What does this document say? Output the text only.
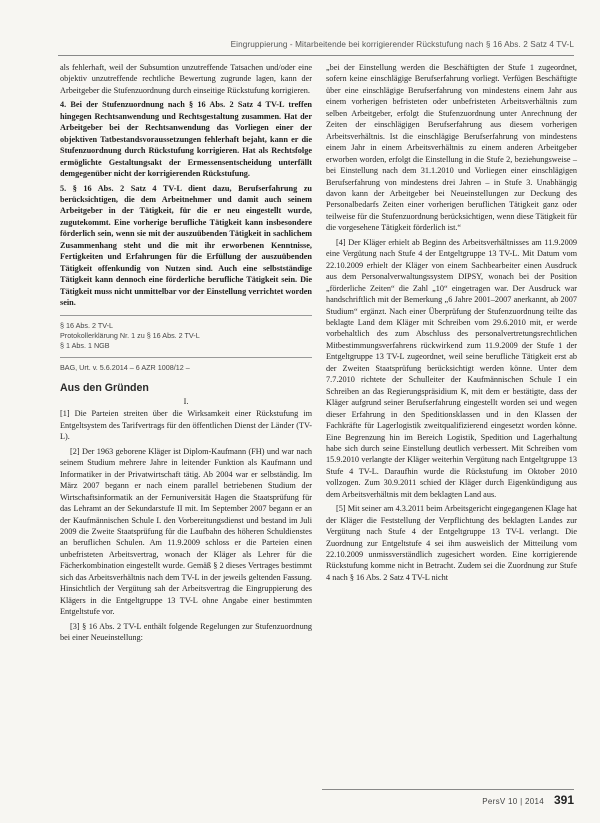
Eingruppierung - Mitarbeitende bei korrigierender Rückstufung nach § 16 Abs. 2 Satz 4 TV-L

als fehlerhaft, weil der Subsumtion unzutreffende Tatsachen und/oder eine objektiv unzutreffende rechtliche Bewertung zugrunde lagen, kann der Arbeitgeber die Stufenzuordnung durch einseitige Rückstufung korrigieren.

4. Bei der Stufenzuordnung nach § 16 Abs. 2 Satz 4 TV-L treffen hingegen Rechtsanwendung und Rechtsgestaltung zusammen. Hat der Arbeitgeber bei der Rechtsanwendung das Vorliegen einer der objektiven Tatbestandsvoraussetzungen fehlerhaft bejaht, kann er die Stufenzuordnung durch Rückstufung korrigieren. Hat als Rechtsfolge ermöglichte Gestaltungsakt der Ermessensentscheidung unterfällt demgegenüber nicht der korrigierenden Rückstufung.

5. § 16 Abs. 2 Satz 4 TV-L dient dazu, Berufserfahrung zu berücksichtigen, die dem Arbeitnehmer und damit auch seinem Arbeitgeber in der Tätigkeit, für die er neu eingestellt wurde, zugutekommt. Eine vorherige berufliche Tätigkeit kann insbesondere förderlich sein, wenn sie mit der auszuübenden Tätigkeit in sachlichem Zusammenhang steht und die mit ihr erworbenen Kenntnisse, Fertigkeiten und Erfahrungen für die Erfüllung der auszuübenden Tätigkeit offenkundig von Nutzen sind. Auch eine selbstständige Tätigkeit kann dennoch eine förderliche berufliche Tätigkeit sein. Die Tätigkeit muss nicht unmittelbar vor der Einstellung verrichtet worden sein.

§ 16 Abs. 2 TV-L
Protokollerklärung Nr. 1 zu § 16 Abs. 2 TV-L
§ 1 Abs. 1 NGB
BAG, Urt. v. 5.6.2014 – 6 AZR 1008/12 –
Aus den Gründen
I.

[1] Die Parteien streiten über die Wirksamkeit einer Rückstufung im Entgeltsystem des Tarifvertrags für den öffentlichen Dienst der Länder (TV-L).

[2] Der 1963 geborene Kläger ist Diplom-Kaufmann (FH) und war nach seinem Studium mehrere Jahre in leitender Funktion als Kaufmann und Informatiker in der Privatwirtschaft tätig. Ab 2004 war er selbständig. Im März 2007 begann er nach einem parallel betriebenen Studium der Wirtschaftsinformatik an der Fernuniversität Hagen die Staatsprüfung für das Lehramt an der Sekundarstufe II mit. Im September 2007 begann er an der Kaufmännischen Schule I. den Vorbereitungsdienst und bestand im Juli 2009 die Zweite Staatsprüfung für die Laufbahn des höheren Schuldienstes an beruflichen Schulen. Am 11.9.2009 schloss er die Parteien einen unbefristeten Arbeitsvertrag, wonach der Kläger als Lehrer für die Fächerkombination eingestellt wurde. Gemäß § 2 dieses Vertrages bestimmt sich das Arbeitsverhältnis nach dem TV-L in der jeweils geltenden Fassung. Hinsichtlich der Vergütung sah der Arbeitsvertrag die Eingruppierung des Klägers in die Entgeltgruppe 13 TV-L ohne Angabe einer bestimmten Entgeltstufe vor.

[3] § 16 Abs. 2 TV-L enthält folgende Regelungen zur Stufenzuordnung bei einer Neueinstellung:

„bei der Einstellung werden die Beschäftigten der Stufe 1 zugeordnet, sofern keine einschlägige Berufserfahrung vorliegt. Verfügen Beschäftigte über eine einschlägige Berufserfahrung von mindestens einem Jahr aus einem vorherigen befristeten oder unbefristeten Arbeitsverhältnis zum selben Arbeitgeber, erfolgt die Stufenzuordnung unter Anrechnung der Zeiten der einschlägigen Berufserfahrung aus diesem vorherigen Arbeitsverhältnis. Ist die einschlägige Berufserfahrung von mindestens einem Jahr in einem Arbeitsverhältnis zu einem anderen Arbeitgeber erworben worden, erfolgt die Einstellung in die Stufe 2, beziehungsweise – bei Einstellung nach dem 31.1.2010 und Vorliegen einer einschlägigen Berufserfahrung von mindestens drei Jahren – in Stufe 3. Unabhängig davon kann der Arbeitgeber bei Neueinstellungen zur Deckung des Personalbedarfs Zeiten einer vorherigen beruflichen Tätigkeit ganz oder teilweise für die Stufenzuordnung berücksichtigen, wenn diese Tätigkeit für die vorgesehene Tätigkeit förderlich ist.“

[4] Der Kläger erhielt ab Beginn des Arbeitsverhältnisses am 11.9.2009 eine Vergütung nach Stufe 4 der Entgeltgruppe 13 TV-L. Mit Datum vom 22.10.2009 erhielt der Kläger von einem Sachbearbeiter einen Ausdruck aus dem Personalverwaltungssystem DIPSY, wonach bei der Position „förderliche Zeiten“ die Zahl „10“ eingetragen war. Der Ausdruck war handschriftlich mit der Bemerkung „6 Jahre 2001–2007 anerkannt, ab 2007 Studium“ ergänzt. Nach einer Überprüfung der Stufenzuordnung teilte das beklagte Land dem Kläger mit Schreiben vom 29.6.2010 mit, er werde vorbehaltlich des zum Abschluss des personalvertretungsrechtlichen Mitbestimmungsverfahrens rückwirkend zum 11.9.2009 der Stufe 1 der Entgeltgruppe 13 TV-L zugeordnet, weil seine berufliche Tätigkeit erst ab der Zweiten Staatsprüfung berücksichtigt werden könne. Unter dem 7.7.2010 richtete der Schulleiter der Kaufmännischen Schule I ein Schreiben an das Regierungspräsidium K, mit dem er bestätigte, dass der Kläger aufgrund seiner Berufserfahrung eingestellt worden sei und wegen dieser Erfahrung in den Speditionsklassen und in den Klassen der Fachkräfte für Lagerlogistik zweitqualifizierend eingesetzt worden könne. Eine Begrenzung hin im Bereich Logistik, Spedition und Lagerhaltung habe sich durch seine Einstellung deutlich verbessert. Mit Schreiben vom 15.9.2010 verlangte der Kläger weiterhin Vergütung nach Entgeltgruppe 13 Stufe 4 TV-L. Daraufhin wurde die Rückstufung im Oktober 2010 vollzogen. Zum 30.9.2011 schied der Kläger durch Eigenkündigung aus dem Arbeitsverhältnis mit dem beklagten Land aus.

[5] Mit seiner am 4.3.2011 beim Arbeitsgericht eingegangenen Klage hat der Kläger die Feststellung der Verpflichtung des beklagten Landes zur Vergütung nach Stufe 4 der Entgeltgruppe 13 TV-L verlangt. Die Zuordnung zur Entgeltstufe 4 sei ihm ausweislich der Mitteilung vom 22.10.2009 unmissverständlich zugesichert worden. Eine korrigierende Rückstufung komme nicht in Betracht. Zudem sei die Zuordnung zur Stufe 4 nach § 16 Abs. 2 Satz 4 TV-L nicht

PersV 10 | 2014 391
